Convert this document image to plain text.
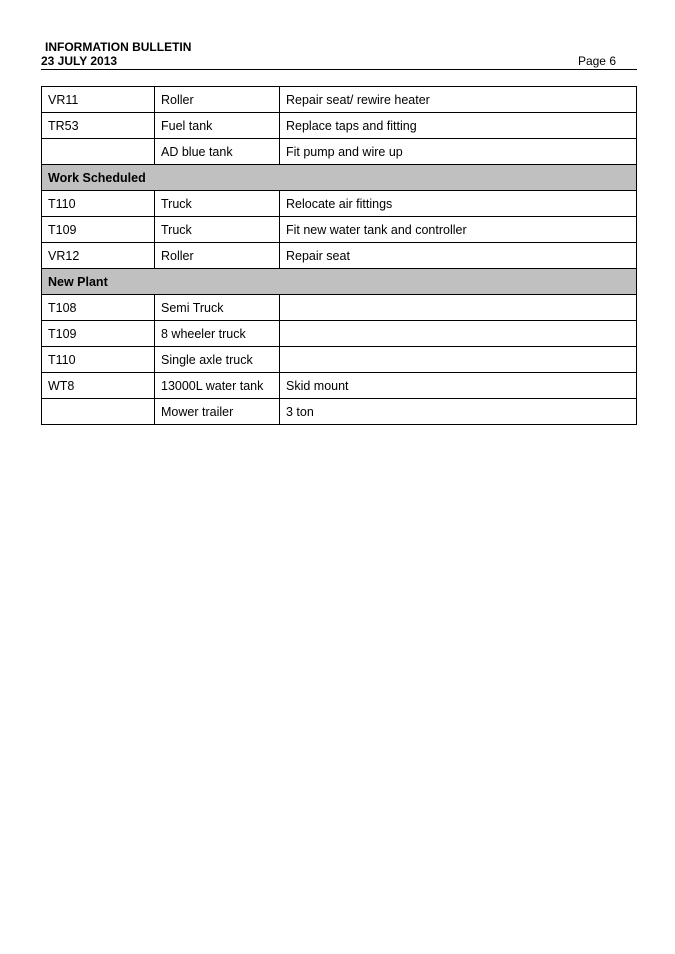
INFORMATION BULLETIN
23 JULY 2013	Page 6
VR11	Roller	Repair seat/ rewire heater
TR53	Fuel tank	Replace taps and fitting
	AD blue tank	Fit pump and wire up
Work Scheduled		
T110	Truck	Relocate air fittings
T109	Truck	Fit new water tank and controller
VR12	Roller	Repair seat
New Plant		
T108	Semi Truck	
T109	8 wheeler truck	
T110	Single axle truck	
WT8	13000L water tank	Skid mount
	Mower trailer	3 ton
